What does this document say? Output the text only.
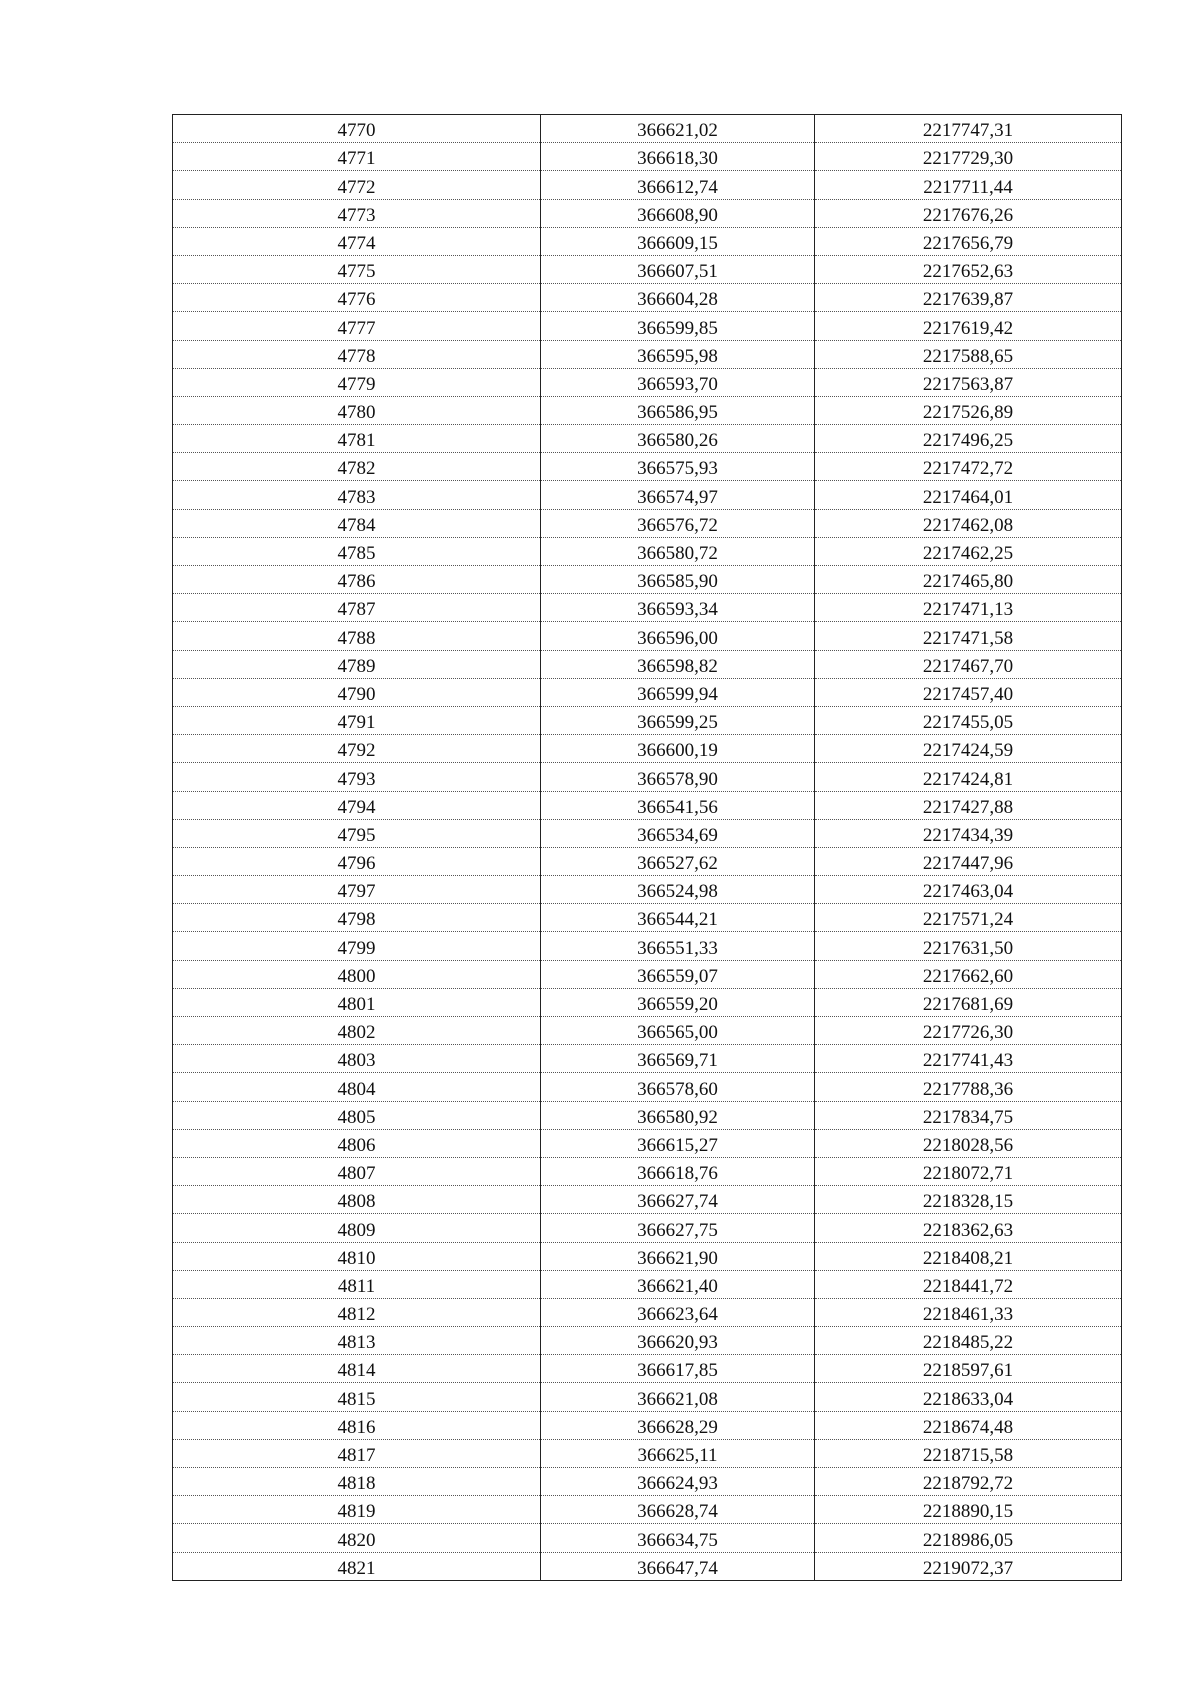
4770	366621,02	2217747,31
4771	366618,30	2217729,30
4772	366612,74	2217711,44
4773	366608,90	2217676,26
4774	366609,15	2217656,79
4775	366607,51	2217652,63
4776	366604,28	2217639,87
4777	366599,85	2217619,42
4778	366595,98	2217588,65
4779	366593,70	2217563,87
4780	366586,95	2217526,89
4781	366580,26	2217496,25
4782	366575,93	2217472,72
4783	366574,97	2217464,01
4784	366576,72	2217462,08
4785	366580,72	2217462,25
4786	366585,90	2217465,80
4787	366593,34	2217471,13
4788	366596,00	2217471,58
4789	366598,82	2217467,70
4790	366599,94	2217457,40
4791	366599,25	2217455,05
4792	366600,19	2217424,59
4793	366578,90	2217424,81
4794	366541,56	2217427,88
4795	366534,69	2217434,39
4796	366527,62	2217447,96
4797	366524,98	2217463,04
4798	366544,21	2217571,24
4799	366551,33	2217631,50
4800	366559,07	2217662,60
4801	366559,20	2217681,69
4802	366565,00	2217726,30
4803	366569,71	2217741,43
4804	366578,60	2217788,36
4805	366580,92	2217834,75
4806	366615,27	2218028,56
4807	366618,76	2218072,71
4808	366627,74	2218328,15
4809	366627,75	2218362,63
4810	366621,90	2218408,21
4811	366621,40	2218441,72
4812	366623,64	2218461,33
4813	366620,93	2218485,22
4814	366617,85	2218597,61
4815	366621,08	2218633,04
4816	366628,29	2218674,48
4817	366625,11	2218715,58
4818	366624,93	2218792,72
4819	366628,74	2218890,15
4820	366634,75	2218986,05
4821	366647,74	2219072,37
